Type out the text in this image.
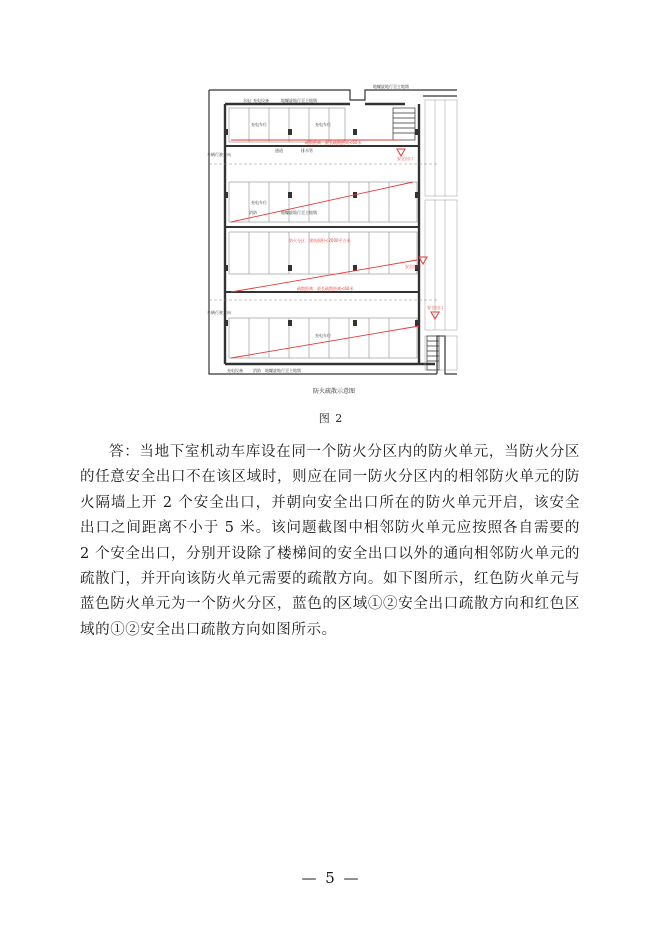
水电 充电设备	地螺旋地行至主地墩
地螺旋地行至主地墩
车辆行驶方向
车辆行驶方向
充电车位	充电车位
充电车位
充电车位
消防	地螺旋地行至主地墩
通道	排水管
充电设备	消防 地螺旋地行至主地墩
疏散距离：最长疏散距离<60米
防火分区：建筑面积<2000平方米
疏散距离：最长疏散距离<60米
安全出口
安全出口
安全出口
防火疏散示意图
图 2

答：当地下室机动车库设在同一个防火分区内的防火单元，当防火分区的任意安全出口不在该区域时，则应在同一防火分区内的相邻防火单元的防火隔墙上开 2 个安全出口，并朝向安全出口所在的防火单元开启，该安全出口之间距离不小于 5 米。该问题截图中相邻防火单元应按照各自需要的 2 个安全出口，分别开设除了楼梯间的安全出口以外的通向相邻防火单元的疏散门，并开向该防火单元需要的疏散方向。如下图所示，红色防火单元与蓝色防火单元为一个防火分区，蓝色的区域①②安全出口疏散方向和红色区域的①②安全出口疏散方向如图所示。

— 5 —
